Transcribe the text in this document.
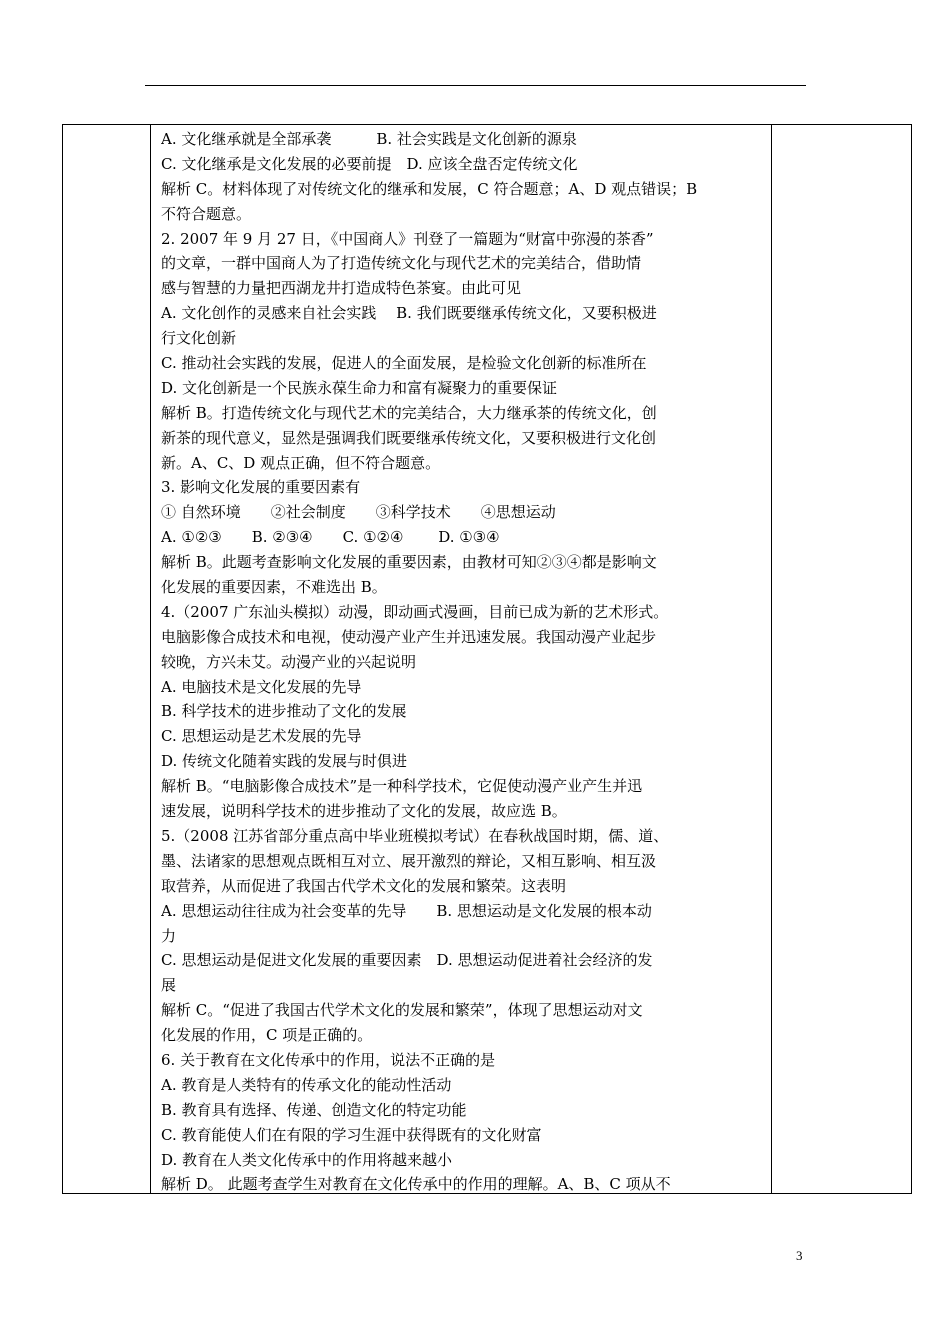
A. 文化继承就是全部承袭　　　B. 社会实践是文化创新的源泉
C. 文化继承是文化发展的必要前提　D. 应该全盘否定传统文化
解析 C。材料体现了对传统文化的继承和发展，C 符合题意；A、D 观点错误；B
不符合题意。
2. 2007 年 9 月 27 日，《中国商人》刊登了一篇题为“财富中弥漫的茶香”
的文章，一群中国商人为了打造传统文化与现代艺术的完美结合，借助情
感与智慧的力量把西湖龙井打造成特色茶宴。由此可见
A. 文化创作的灵感来自社会实践　 B. 我们既要继承传统文化，又要积极进
行文化创新
C. 推动社会实践的发展，促进人的全面发展，是检验文化创新的标准所在
D. 文化创新是一个民族永葆生命力和富有凝聚力的重要保证
解析 B。打造传统文化与现代艺术的完美结合，大力继承茶的传统文化，创
新茶的现代意义，显然是强调我们既要继承传统文化，又要积极进行文化创
新。A、C、D 观点正确，但不符合题意。
3. 影响文化发展的重要因素有
① 自然环境　　②社会制度　　③科学技术　　④思想运动
A. ①②③　　B. ②③④　　C. ①②④　　 D. ①③④
解析 B。此题考查影响文化发展的重要因素，由教材可知②③④都是影响文
化发展的重要因素，不难选出 B。
4.（2007 广东汕头模拟）动漫，即动画式漫画，目前已成为新的艺术形式。
电脑影像合成技术和电视，使动漫产业产生并迅速发展。我国动漫产业起步
较晚，方兴未艾。动漫产业的兴起说明
A. 电脑技术是文化发展的先导
B. 科学技术的进步推动了文化的发展
C. 思想运动是艺术发展的先导
D. 传统文化随着实践的发展与时俱进
解析 B。“电脑影像合成技术”是一种科学技术，它促使动漫产业产生并迅
速发展，说明科学技术的进步推动了文化的发展，故应选 B。
5.（2008 江苏省部分重点高中毕业班模拟考试）在春秋战国时期，儒、道、
墨、法诸家的思想观点既相互对立、展开激烈的辩论，又相互影响、相互汲
取营养，从而促进了我国古代学术文化的发展和繁荣。这表明
A. 思想运动往往成为社会变革的先导　　B. 思想运动是文化发展的根本动
力
C. 思想运动是促进文化发展的重要因素　D. 思想运动促进着社会经济的发
展
解析 C。“促进了我国古代学术文化的发展和繁荣”，体现了思想运动对文
化发展的作用，C 项是正确的。
6. 关于教育在文化传承中的作用，说法不正确的是
A. 教育是人类特有的传承文化的能动性活动
B. 教育具有选择、传递、创造文化的特定功能
C. 教育能使人们在有限的学习生涯中获得既有的文化财富
D. 教育在人类文化传承中的作用将越来越小
解析 D。 此题考查学生对教育在文化传承中的作用的理解。A、B、C 项从不
3
